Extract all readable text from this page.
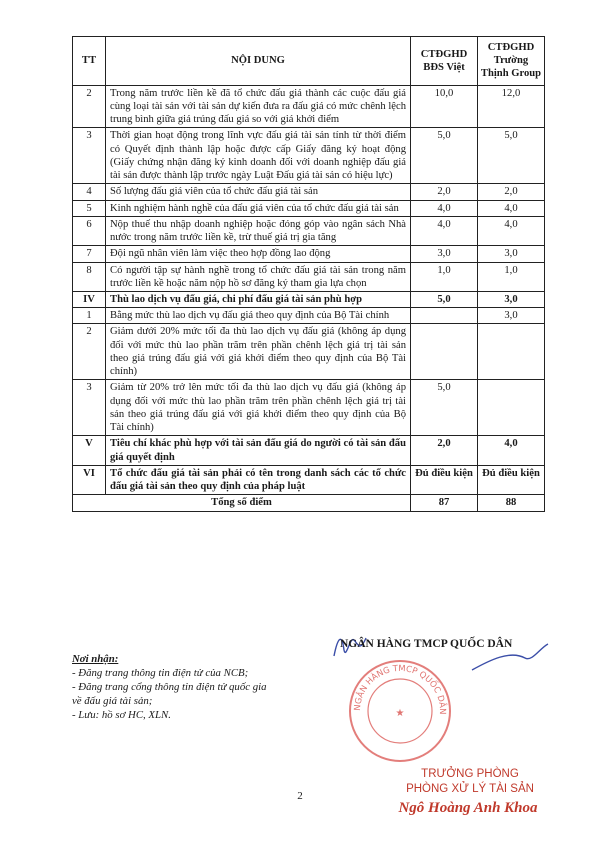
TT	NỘI DUNG	CTĐGHD BĐS Việt	CTĐGHD Trường Thịnh Group
2	Trong năm trước liền kề đã tổ chức đấu giá thành các cuộc đấu giá cùng loại tài sản với tài sản dự kiến đưa ra đấu giá có mức chênh lệch trung bình giữa giá trúng đấu giá so với giá khởi điểm	10,0	12,0
3	Thời gian hoạt động trong lĩnh vực đấu giá tài sản tính từ thời điểm có Quyết định thành lập hoặc được cấp Giấy đăng ký hoạt động (Giấy chứng nhận đăng ký kinh doanh đối với doanh nghiệp đấu giá tài sản được thành lập trước ngày Luật Đấu giá tài sản có hiệu lực)	5,0	5,0
4	Số lượng đấu giá viên của tổ chức đấu giá tài sản	2,0	2,0
5	Kinh nghiệm hành nghề của đấu giá viên của tổ chức đấu giá tài sản	4,0	4,0
6	Nộp thuế thu nhập doanh nghiệp hoặc đóng góp vào ngân sách Nhà nước trong năm trước liền kề, trừ thuế giá trị gia tăng	4,0	4,0
7	Đội ngũ nhân viên làm việc theo hợp đồng lao động	3,0	3,0
8	Có người tập sự hành nghề trong tổ chức đấu giá tài sản trong năm trước liền kề hoặc năm nộp hồ sơ đăng ký tham gia lựa chọn	1,0	1,0
IV	Thù lao dịch vụ đấu giá, chi phí đấu giá tài sản phù hợp	5,0	3,0
1	Bằng mức thù lao dịch vụ đấu giá theo quy định của Bộ Tài chính		3,0
2	Giảm dưới 20% mức tối đa thù lao dịch vụ đấu giá (không áp dụng đối với mức thù lao phần trăm trên phần chênh lệch giá trị tài sản theo giá trúng đấu giá với giá khởi điểm theo quy định của Bộ Tài chính)		
3	Giảm từ 20% trở lên mức tối đa thù lao dịch vụ đấu giá (không áp dụng đối với mức thù lao phần trăm trên phần chênh lệch giá trị tài sản theo giá trúng đấu giá với giá khởi điểm theo quy định của Bộ Tài chính)	5,0	
V	Tiêu chí khác phù hợp với tài sản đấu giá do người có tài sản đấu giá quyết định	2,0	4,0
VI	Tổ chức đấu giá tài sản phải có tên trong danh sách các tổ chức đấu giá tài sản theo quy định của pháp luật	Đủ điều kiện	Đủ điều kiện
Tổng số điểm		87	88
Nơi nhận:
- Đăng trang thông tin điện tử của NCB;
- Đăng trang cổng thông tin điện tử quốc gia về đấu giá tài sản;
- Lưu: hồ sơ HC, XLN.
NGÂN HÀNG TMCP QUỐC DÂN
NGÂN HÀNG TMCP QUỐC DÂN
★
2
TRƯỞNG PHÒNG
PHÒNG XỬ LÝ TÀI SẢN
Ngô Hoàng Anh Khoa
